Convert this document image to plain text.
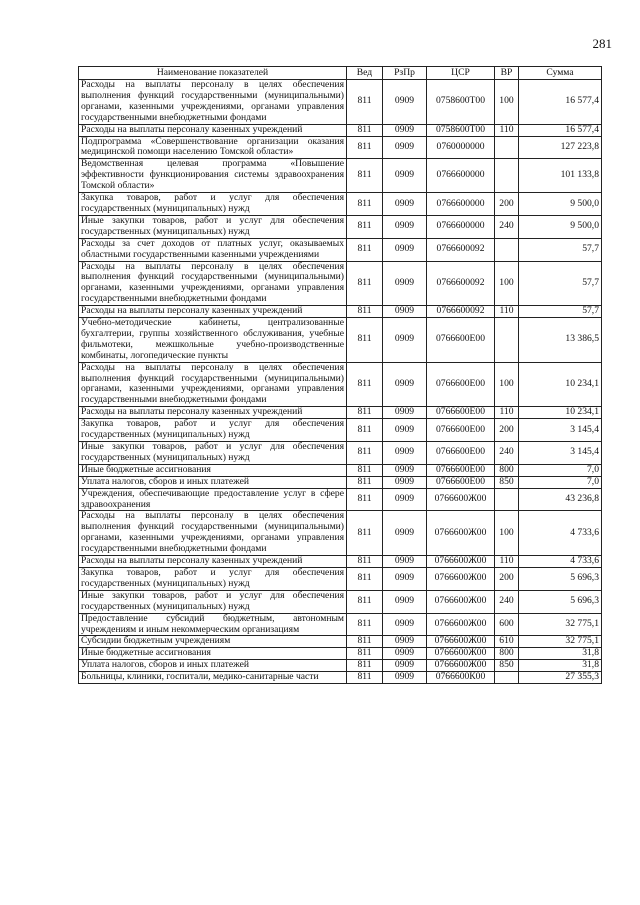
281
Наименование показателей	Вед	РзПр	ЦСР	ВР	Сумма
Расходы на выплаты персоналу в целях обеспечения выполнения функций государственными (муниципальными) органами, казенными учреждениями, органами управления государственными внебюджетными фондами	811	0909	0758600Т00	100	16 577,4
Расходы на выплаты персоналу казенных учреждений	811	0909	0758600Т00	110	16 577,4
Подпрограмма «Совершенствование организации оказания медицинской помощи населению Томской области»	811	0909	0760000000		127 223,8
Ведомственная целевая программа «Повышение эффективности функционирования системы здравоохранения Томской области»	811	0909	0766600000		101 133,8
Закупка товаров, работ и услуг для обеспечения государственных (муниципальных) нужд	811	0909	0766600000	200	9 500,0
Иные закупки товаров, работ и услуг для обеспечения государственных (муниципальных) нужд	811	0909	0766600000	240	9 500,0
Расходы за счет доходов от платных услуг, оказываемых областными государственными казенными учреждениями	811	0909	0766600092		57,7
Расходы на выплаты персоналу в целях обеспечения выполнения функций государственными (муниципальными) органами, казенными учреждениями, органами управления государственными внебюджетными фондами	811	0909	0766600092	100	57,7
Расходы на выплаты персоналу казенных учреждений	811	0909	0766600092	110	57,7
Учебно-методические кабинеты, централизованные бухгалтерии, группы хозяйственного обслуживания, учебные фильмотеки, межшкольные учебно-производственные комбинаты, логопедические пункты	811	0909	0766600Е00		13 386,5
Расходы на выплаты персоналу в целях обеспечения выполнения функций государственными (муниципальными) органами, казенными учреждениями, органами управления государственными внебюджетными фондами	811	0909	0766600Е00	100	10 234,1
Расходы на выплаты персоналу казенных учреждений	811	0909	0766600Е00	110	10 234,1
Закупка товаров, работ и услуг для обеспечения государственных (муниципальных) нужд	811	0909	0766600Е00	200	3 145,4
Иные закупки товаров, работ и услуг для обеспечения государственных (муниципальных) нужд	811	0909	0766600Е00	240	3 145,4
Иные бюджетные ассигнования	811	0909	0766600Е00	800	7,0
Уплата налогов, сборов и иных платежей	811	0909	0766600Е00	850	7,0
Учреждения, обеспечивающие предоставление услуг в сфере здравоохранения	811	0909	0766600Ж00		43 236,8
Расходы на выплаты персоналу в целях обеспечения выполнения функций государственными (муниципальными) органами, казенными учреждениями, органами управления государственными внебюджетными фондами	811	0909	0766600Ж00	100	4 733,6
Расходы на выплаты персоналу казенных учреждений	811	0909	0766600Ж00	110	4 733,6
Закупка товаров, работ и услуг для обеспечения государственных (муниципальных) нужд	811	0909	0766600Ж00	200	5 696,3
Иные закупки товаров, работ и услуг для обеспечения государственных (муниципальных) нужд	811	0909	0766600Ж00	240	5 696,3
Предоставление субсидий бюджетным, автономным учреждениям и иным некоммерческим организациям	811	0909	0766600Ж00	600	32 775,1
Субсидии бюджетным учреждениям	811	0909	0766600Ж00	610	32 775,1
Иные бюджетные ассигнования	811	0909	0766600Ж00	800	31,8
Уплата налогов, сборов и иных платежей	811	0909	0766600Ж00	850	31,8
Больницы, клиники, госпитали, медико-санитарные части	811	0909	0766600К00		27 355,3
